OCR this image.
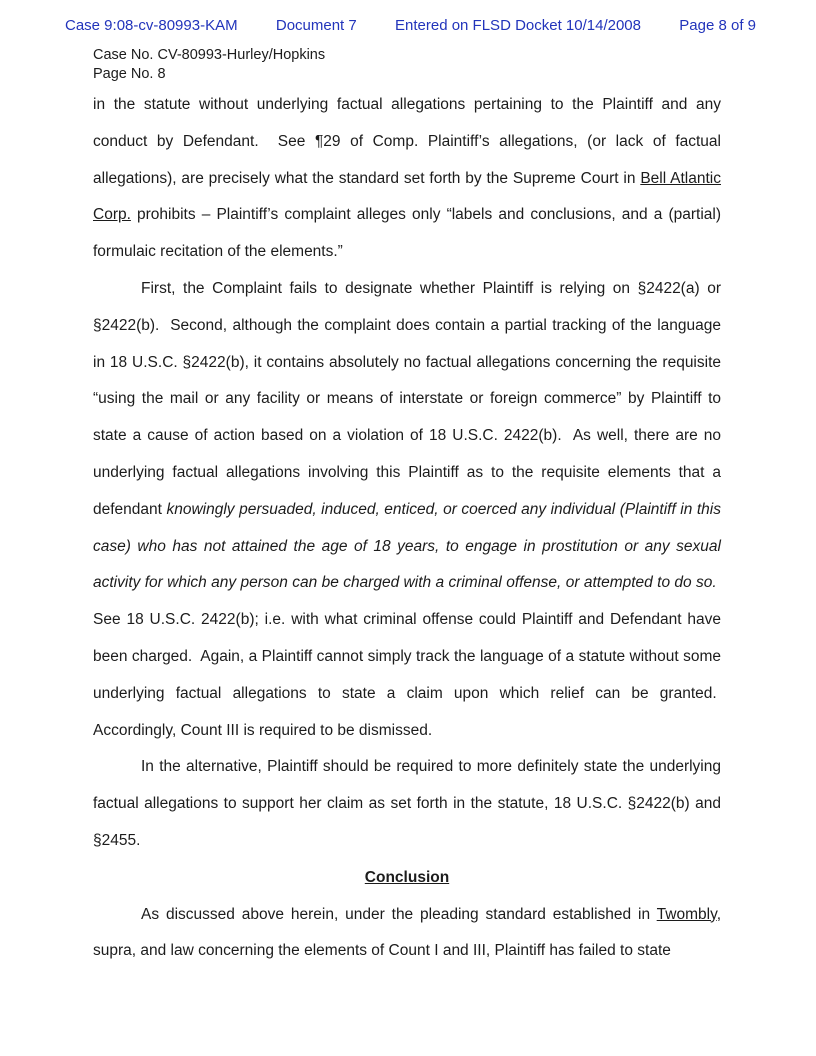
Case 9:08-cv-80993-KAM	Document 7	Entered on FLSD Docket 10/14/2008	Page 8 of 9
Case No. CV-80993-Hurley/Hopkins
Page No. 8

in the statute without underlying factual allegations pertaining to the Plaintiff and any conduct by Defendant.  See ¶29 of Comp. Plaintiff’s allegations, (or lack of factual allegations), are precisely what the standard set forth by the Supreme Court in Bell Atlantic Corp. prohibits – Plaintiff’s complaint alleges only “labels and conclusions, and a (partial) formulaic recitation of the elements.”

First, the Complaint fails to designate whether Plaintiff is relying on §2422(a) or §2422(b).  Second, although the complaint does contain a partial tracking of the language in 18 U.S.C. §2422(b), it contains absolutely no factual allegations concerning the requisite “using the mail or any facility or means of interstate or foreign commerce” by Plaintiff to state a cause of action based on a violation of 18 U.S.C. 2422(b).  As well, there are no underlying factual allegations involving this Plaintiff as to the requisite elements that a defendant knowingly persuaded, induced, enticed, or coerced any individual (Plaintiff in this case) who has not attained the age of 18 years, to engage in prostitution or any sexual activity for which any person can be charged with a criminal offense, or attempted to do so.  See 18 U.S.C. 2422(b); i.e. with what criminal offense could Plaintiff and Defendant have been charged.  Again, a Plaintiff cannot simply track the language of a statute without some underlying factual allegations to state a claim upon which relief can be granted.  Accordingly, Count III is required to be dismissed.

In the alternative, Plaintiff should be required to more definitely state the underlying factual allegations to support her claim as set forth in the statute, 18 U.S.C. §2422(b) and §2455.

Conclusion

As discussed above herein, under the pleading standard established in Twombly, supra, and law concerning the elements of Count I and III, Plaintiff has failed to state
